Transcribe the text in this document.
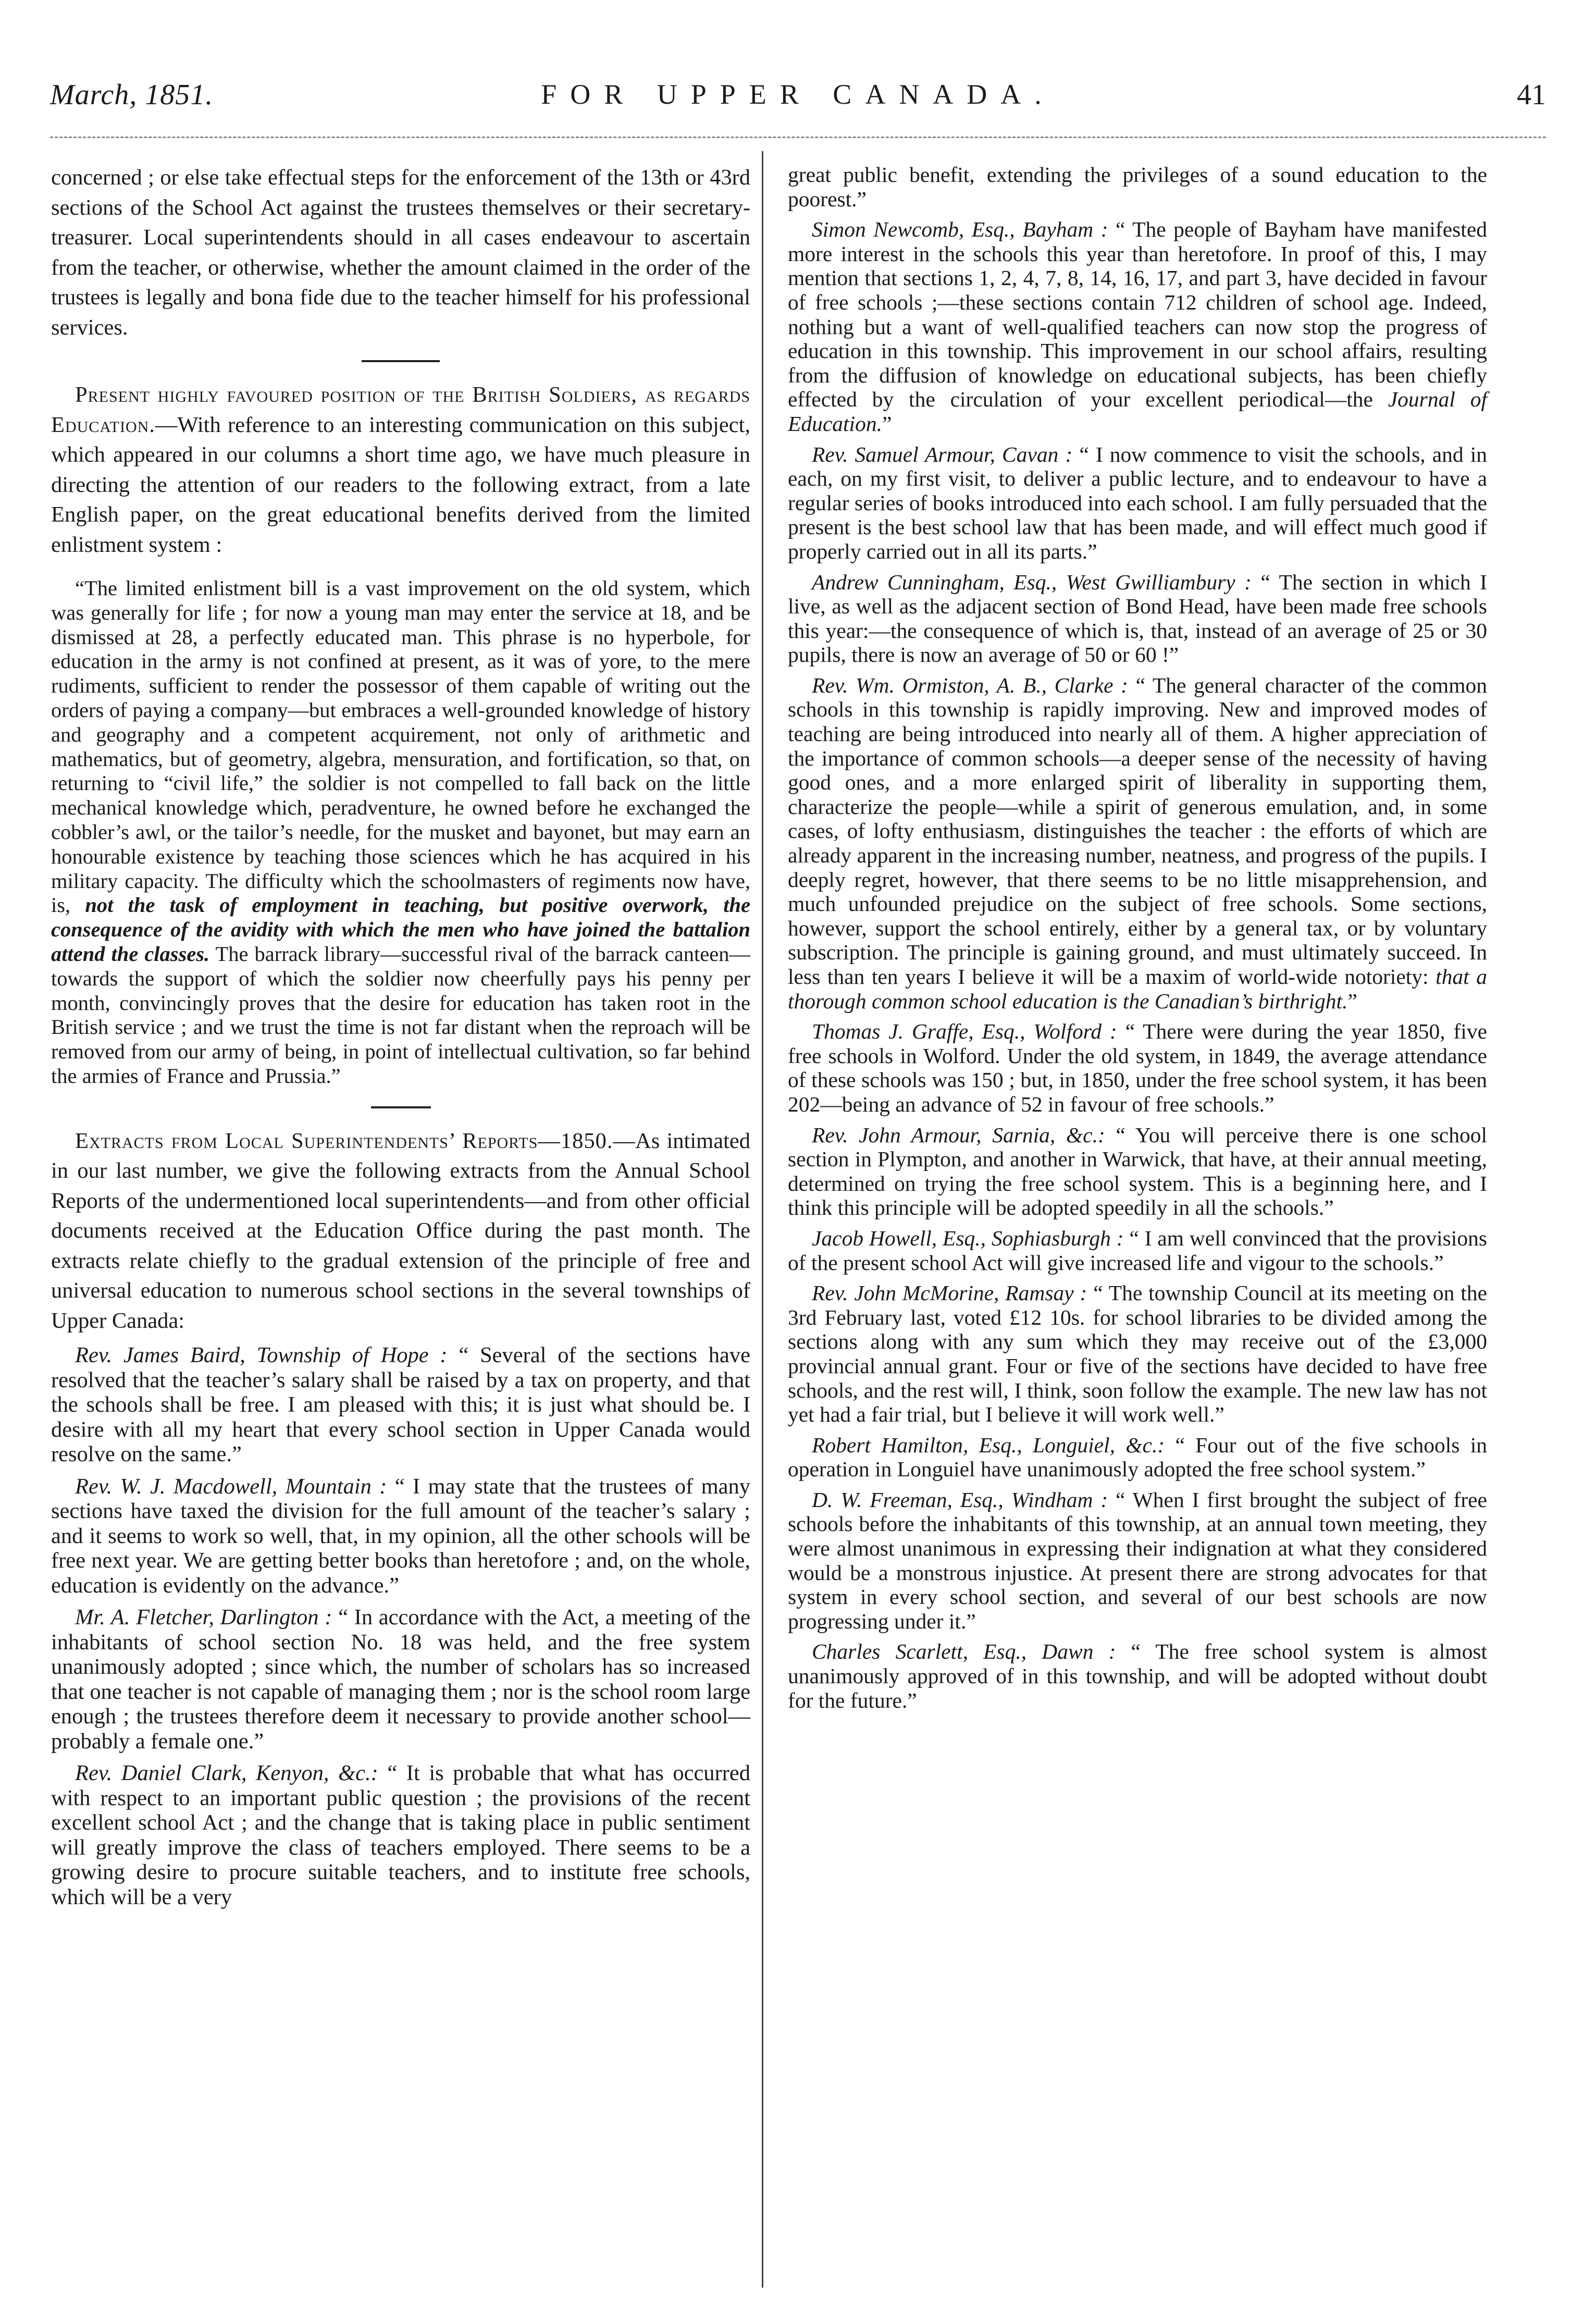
March, 1851.	FOR UPPER CANADA.	41

concerned ; or else take effectual steps for the enforcement of the 13th or 43rd sections of the School Act against the trustees themselves or their secretary-treasurer. Local superintendents should in all cases endeavour to ascertain from the teacher, or otherwise, whether the amount claimed in the order of the trustees is legally and bona fide due to the teacher himself for his professional services.

Present highly favoured position of the British Soldiers, as regards Education.—With reference to an interesting communication on this subject, which appeared in our columns a short time ago, we have much pleasure in directing the attention of our readers to the following extract, from a late English paper, on the great educational benefits derived from the limited enlistment system :

“The limited enlistment bill is a vast improvement on the old system, which was generally for life ; for now a young man may enter the service at 18, and be dismissed at 28, a perfectly educated man. This phrase is no hyperbole, for education in the army is not confined at present, as it was of yore, to the mere rudiments, sufficient to render the possessor of them capable of writing out the orders of paying a company—but embraces a well-grounded knowledge of history and geography and a competent acquirement, not only of arithmetic and mathematics, but of geometry, algebra, mensuration, and fortification, so that, on returning to “civil life,” the soldier is not compelled to fall back on the little mechanical knowledge which, peradventure, he owned before he exchanged the cobbler’s awl, or the tailor’s needle, for the musket and bayonet, but may earn an honourable existence by teaching those sciences which he has acquired in his military capacity. The difficulty which the schoolmasters of regiments now have, is, not the task of employment in teaching, but positive overwork, the consequence of the avidity with which the men who have joined the battalion attend the classes. The barrack library—successful rival of the barrack canteen—towards the support of which the soldier now cheerfully pays his penny per month, convincingly proves that the desire for education has taken root in the British service ; and we trust the time is not far distant when the reproach will be removed from our army of being, in point of intellectual cultivation, so far behind the armies of France and Prussia.”

Extracts from Local Superintendents’ Reports—1850.—As intimated in our last number, we give the following extracts from the Annual School Reports of the undermentioned local superintendents—and from other official documents received at the Education Office during the past month. The extracts relate chiefly to the gradual extension of the principle of free and universal education to numerous school sections in the several townships of Upper Canada:

Rev. James Baird, Township of Hope : “ Several of the sections have resolved that the teacher’s salary shall be raised by a tax on property, and that the schools shall be free. I am pleased with this; it is just what should be. I desire with all my heart that every school section in Upper Canada would resolve on the same.”

Rev. W. J. Macdowell, Mountain : “ I may state that the trustees of many sections have taxed the division for the full amount of the teacher’s salary ; and it seems to work so well, that, in my opinion, all the other schools will be free next year. We are getting better books than heretofore ; and, on the whole, education is evidently on the advance.”

Mr. A. Fletcher, Darlington : “ In accordance with the Act, a meeting of the inhabitants of school section No. 18 was held, and the free system unanimously adopted ; since which, the number of scholars has so increased that one teacher is not capable of managing them ; nor is the school room large enough ; the trustees therefore deem it necessary to provide another school—probably a female one.”

Rev. Daniel Clark, Kenyon, &c.: “ It is probable that what has occurred with respect to an important public question ; the provisions of the recent excellent school Act ; and the change that is taking place in public sentiment will greatly improve the class of teachers employed. There seems to be a growing desire to procure suitable teachers, and to institute free schools, which will be a very

great public benefit, extending the privileges of a sound education to the poorest.”

Simon Newcomb, Esq., Bayham : “ The people of Bayham have manifested more interest in the schools this year than heretofore. In proof of this, I may mention that sections 1, 2, 4, 7, 8, 14, 16, 17, and part 3, have decided in favour of free schools ;—these sections contain 712 children of school age. Indeed, nothing but a want of well-qualified teachers can now stop the progress of education in this township. This improvement in our school affairs, resulting from the diffusion of knowledge on educational subjects, has been chiefly effected by the circulation of your excellent periodical—the Journal of Education.”

Rev. Samuel Armour, Cavan : “ I now commence to visit the schools, and in each, on my first visit, to deliver a public lecture, and to endeavour to have a regular series of books introduced into each school. I am fully persuaded that the present is the best school law that has been made, and will effect much good if properly carried out in all its parts.”

Andrew Cunningham, Esq., West Gwilliambury : “ The section in which I live, as well as the adjacent section of Bond Head, have been made free schools this year:—the consequence of which is, that, instead of an average of 25 or 30 pupils, there is now an average of 50 or 60 !”

Rev. Wm. Ormiston, A. B., Clarke : “ The general character of the common schools in this township is rapidly improving. New and improved modes of teaching are being introduced into nearly all of them. A higher appreciation of the importance of common schools—a deeper sense of the necessity of having good ones, and a more enlarged spirit of liberality in supporting them, characterize the people—while a spirit of generous emulation, and, in some cases, of lofty enthusiasm, distinguishes the teacher : the efforts of which are already apparent in the increasing number, neatness, and progress of the pupils. I deeply regret, however, that there seems to be no little misapprehension, and much unfounded prejudice on the subject of free schools. Some sections, however, support the school entirely, either by a general tax, or by voluntary subscription. The principle is gaining ground, and must ultimately succeed. In less than ten years I believe it will be a maxim of world-wide notoriety: that a thorough common school education is the Canadian’s birthright.”

Thomas J. Graffe, Esq., Wolford : “ There were during the year 1850, five free schools in Wolford. Under the old system, in 1849, the average attendance of these schools was 150 ; but, in 1850, under the free school system, it has been 202—being an advance of 52 in favour of free schools.”

Rev. John Armour, Sarnia, &c.: “ You will perceive there is one school section in Plympton, and another in Warwick, that have, at their annual meeting, determined on trying the free school system. This is a beginning here, and I think this principle will be adopted speedily in all the schools.”

Jacob Howell, Esq., Sophiasburgh : “ I am well convinced that the provisions of the present school Act will give increased life and vigour to the schools.”

Rev. John McMorine, Ramsay : “ The township Council at its meeting on the 3rd February last, voted £12 10s. for school libraries to be divided among the sections along with any sum which they may receive out of the £3,000 provincial annual grant. Four or five of the sections have decided to have free schools, and the rest will, I think, soon follow the example. The new law has not yet had a fair trial, but I believe it will work well.”

Robert Hamilton, Esq., Longuiel, &c.: “ Four out of the five schools in operation in Longuiel have unanimously adopted the free school system.”

D. W. Freeman, Esq., Windham : “ When I first brought the subject of free schools before the inhabitants of this township, at an annual town meeting, they were almost unanimous in expressing their indignation at what they considered would be a monstrous injustice. At present there are strong advocates for that system in every school section, and several of our best schools are now progressing under it.”

Charles Scarlett, Esq., Dawn : “ The free school system is almost unanimously approved of in this township, and will be adopted without doubt for the future.”
